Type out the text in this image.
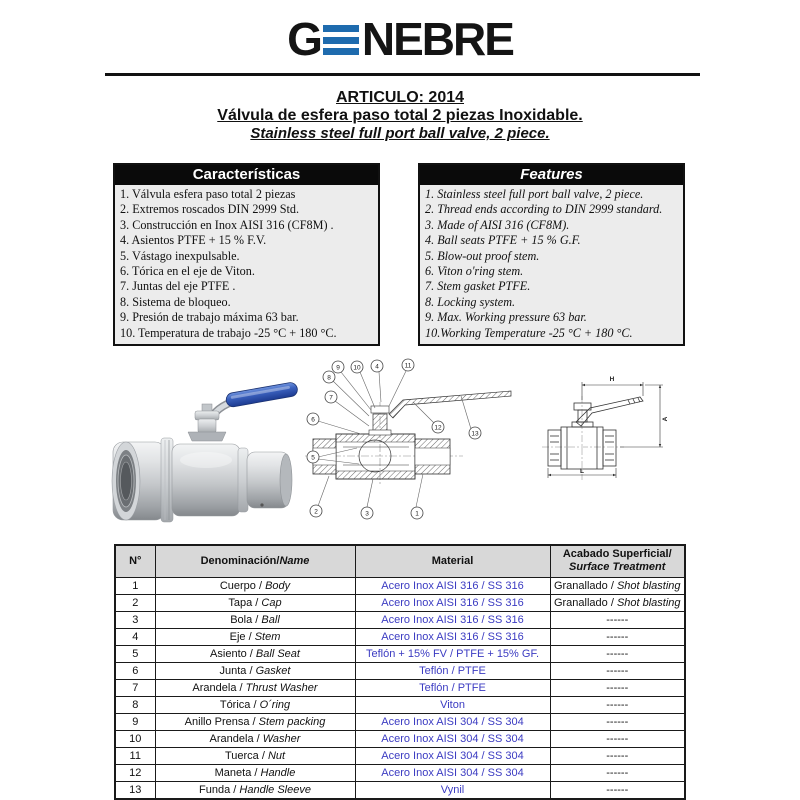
G NEBRE
ARTICULO: 2014
Válvula de esfera paso total 2 piezas Inoxidable.
Stainless steel full port ball valve, 2 piece.
Características
1. Válvula esfera paso total 2 piezas
2. Extremos roscados DIN 2999 Std.
3. Construcción en Inox AISI 316 (CF8M) .
4. Asientos PTFE + 15 % F.V.
5. Vástago inexpulsable.
6. Tórica en el eje de Viton.
7. Juntas del eje PTFE .
8. Sistema de bloqueo.
9. Presión de trabajo máxima 63 bar.
10. Temperatura de trabajo -25 °C + 180 °C.
Features
1. Stainless steel full port ball valve, 2 piece.
2. Thread ends according to DIN 2999 standard.
3. Made of AISI 316 (CF8M).
4. Ball seats PTFE + 15 % G.F.
5. Blow-out proof stem.
6. Viton o'ring stem.
7. Stem gasket PTFE.
8. Locking system.
9. Max. Working pressure 63 bar.
10.Working Temperature -25 °C + 180 °C.
9 10 4	11
8
7
6
5
2	3	1
12
13
H
A
L
N°	Denominación/Name	Material	Acabado Superficial/
Surface Treatment

1	Cuerpo / Body	Acero Inox AISI 316 / SS 316	Granallado / Shot blasting
2	Tapa / Cap	Acero Inox AISI 316 / SS 316	Granallado / Shot blasting
3	Bola / Ball	Acero Inox AISI 316 / SS 316	------
4	Eje / Stem	Acero Inox AISI 316 / SS 316	------
5	Asiento / Ball Seat	Teflón + 15% FV / PTFE + 15% GF.	------
6	Junta / Gasket	Teflón / PTFE	------
7	Arandela / Thrust Washer	Teflón / PTFE	------
8	Tórica / O´ring	Viton	------
9	Anillo Prensa / Stem packing	Acero Inox AISI 304 / SS 304	------
10	Arandela / Washer	Acero Inox AISI 304 / SS 304	------
11	Tuerca / Nut	Acero Inox AISI 304 / SS 304	------
12	Maneta / Handle	Acero Inox AISI 304 / SS 304	------
13	Funda / Handle Sleeve	Vynil	------
